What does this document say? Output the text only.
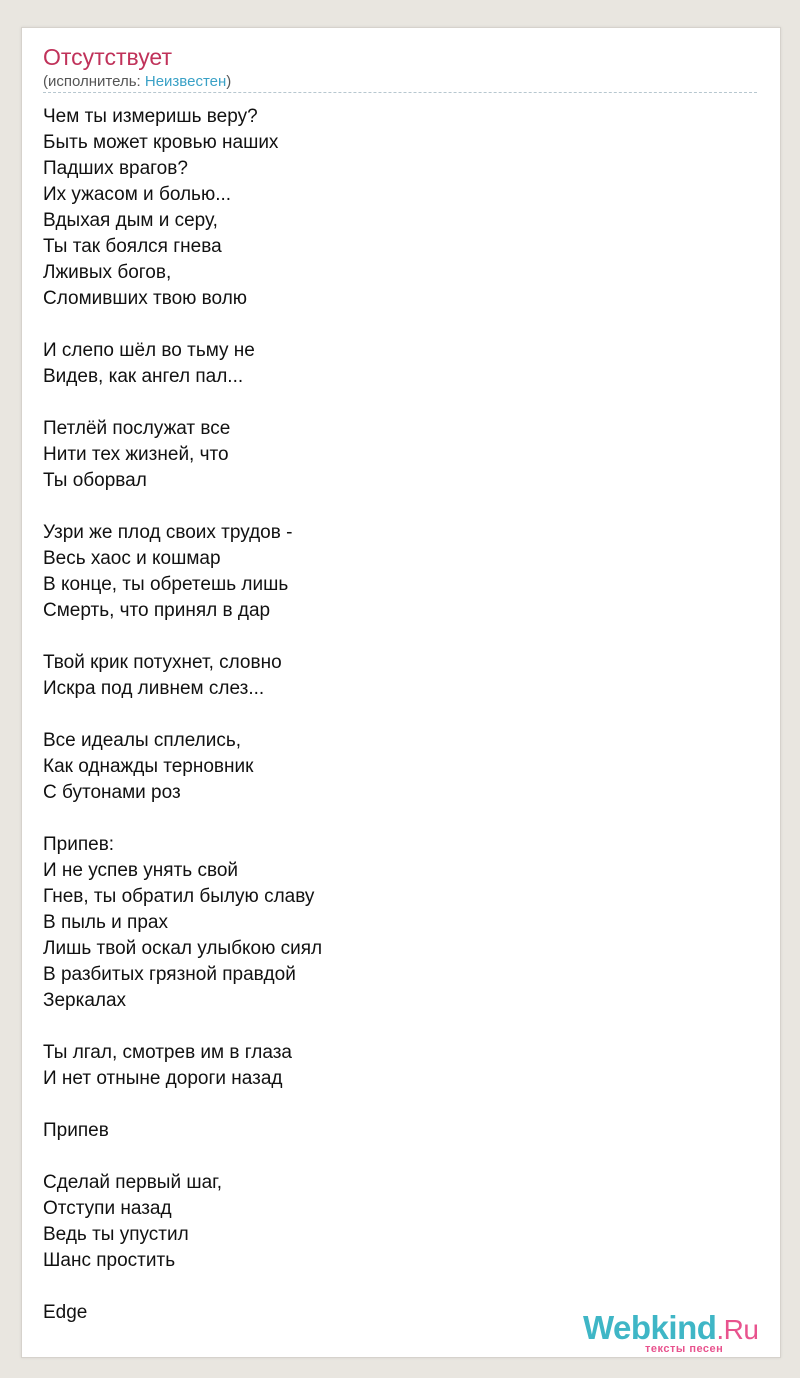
Отсутствует
(исполнитель: Неизвестен)
Чем ты измеришь веру?
Быть может кровью наших
Падших врагов?
Их ужасом и болью...
Вдыхая дым и серу,
Ты так боялся гнева
Лживых богов,
Сломивших твою волю
И слепо шёл во тьму не
Видев, как ангел пал...
Петлёй послужат все
Нити тех жизней, что
Ты оборвал
Узри же плод своих трудов -
Весь хаос и кошмар
В конце, ты обретешь лишь
Смерть, что принял в дар
Твой крик потухнет, словно
Искра под ливнем слез...
Все идеалы сплелись,
Как однажды терновник
С бутонами роз
Припев:
И не успев унять свой
Гнев, ты обратил былую славу
В пыль и прах
Лишь твой оскал улыбкою сиял
В разбитых грязной правдой
Зеркалах
Ты лгал, смотрев им в глаза
И нет отныне дороги назад
Припев
Сделай первый шаг,
Отступи назад
Ведь ты упустил
Шанс простить
Edge	Webkind.Ru
тексты песен
